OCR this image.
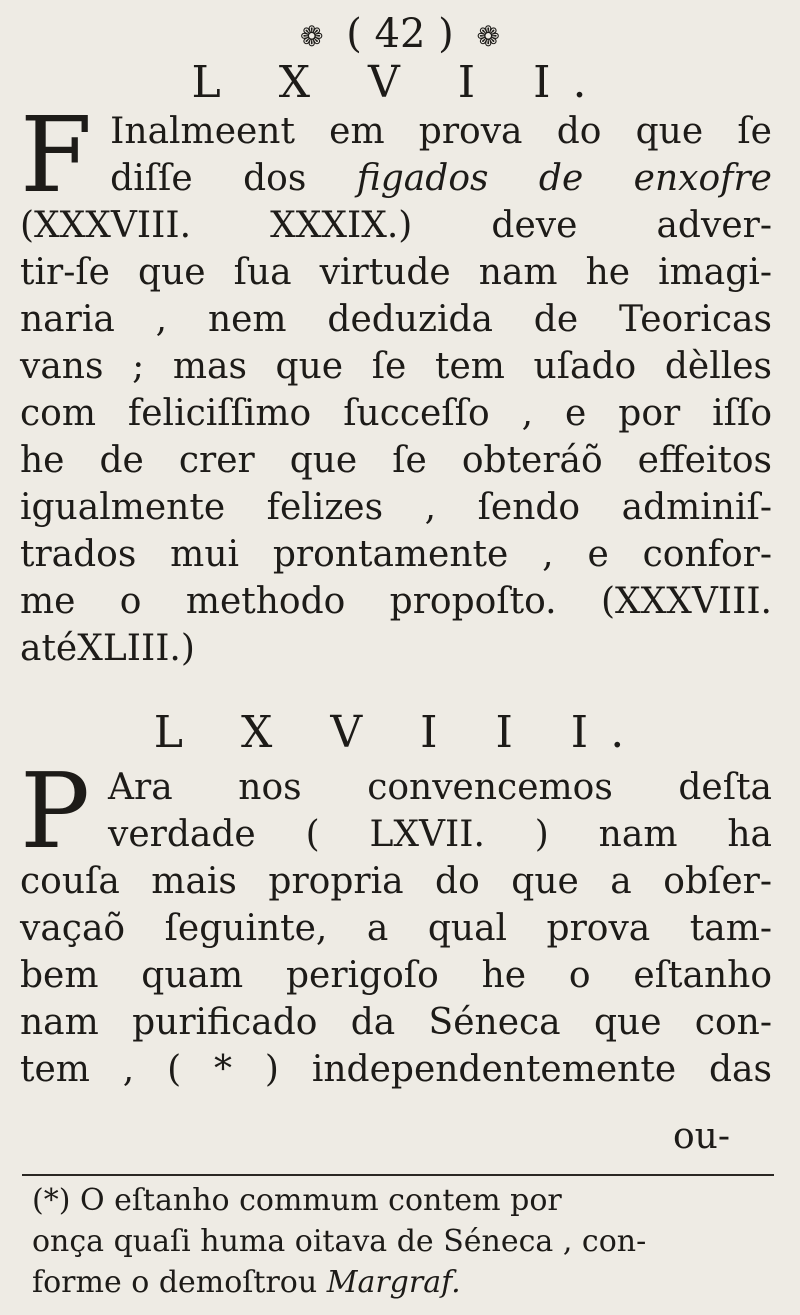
❁ ( 42 ) ❁
L X V I I.
F Inalmeent em prova do que ſe
diſſe dos figados de enxofre
(XXXVIII. XXXIX.) deve adver-
tir-ſe que ſua virtude nam he imagi-
naria , nem deduzida de Teoricas
vans ; mas que ſe tem uſado dèlles
com feliciſſimo ſucceſſo , e por iſſo
he de crer que ſe obteráõ effeitos
igualmente felizes , ſendo adminiſ-
trados mui prontamente , e confor-
me o methodo propoſto. (XXXVIII.
atéXLIII.)
L X V I I I.
P Ara nos convencemos deſta
verdade ( LXVII. ) nam ha
couſa mais propria do que a obſer-
vaçaõ ſeguinte, a qual prova tam-
bem quam perigoſo he o eſtanho
nam purificado da Séneca que con-
tem , ( * ) independentemente das
ou-
(*) O eſtanho commum contem por
onça quaſi huma oitava de Séneca , con-
forme o demoſtrou Margraf.
